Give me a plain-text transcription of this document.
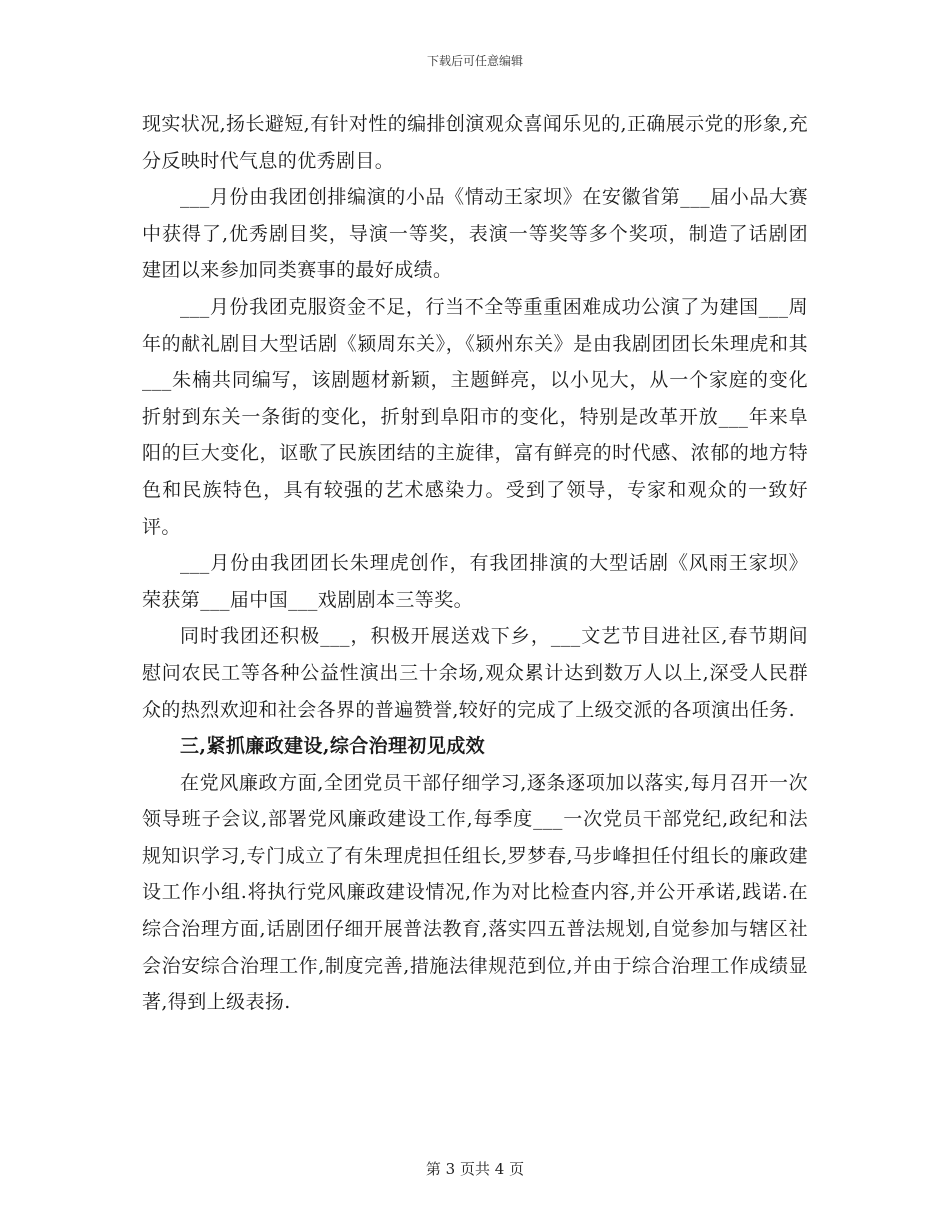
下载后可任意编辑

现实状况,扬长避短,有针对性的编排创演观众喜闻乐见的,正确展示党的形象,充分反映时代气息的优秀剧目。

___月份由我团创排编演的小品《情动王家坝》在安徽省第___届小品大赛中获得了,优秀剧目奖，导演一等奖，表演一等奖等多个奖项，制造了话剧团建团以来参加同类赛事的最好成绩。

___月份我团克服资金不足，行当不全等重重困难成功公演了为建国___周年的献礼剧目大型话剧《颍周东关》，《颍州东关》是由我剧团团长朱理虎和其___朱楠共同编写，该剧题材新颖，主题鲜亮，以小见大，从一个家庭的变化折射到东关一条街的变化，折射到阜阳市的变化，特别是改革开放___年来阜阳的巨大变化，讴歌了民族团结的主旋律，富有鲜亮的时代感、浓郁的地方特色和民族特色，具有较强的艺术感染力。受到了领导，专家和观众的一致好评。

___月份由我团团长朱理虎创作，有我团排演的大型话剧《风雨王家坝》荣获第___届中国___戏剧剧本三等奖。

同时我团还积极___，积极开展送戏下乡，___文艺节目进社区,春节期间慰问农民工等各种公益性演出三十余场,观众累计达到数万人以上,深受人民群众的热烈欢迎和社会各界的普遍赞誉,较好的完成了上级交派的各项演出任务.

三,紧抓廉政建设,综合治理初见成效

在党风廉政方面,全团党员干部仔细学习,逐条逐项加以落实,每月召开一次领导班子会议,部署党风廉政建设工作,每季度___一次党员干部党纪,政纪和法规知识学习,专门成立了有朱理虎担任组长,罗梦春,马步峰担任付组长的廉政建设工作小组.将执行党风廉政建设情况,作为对比检查内容,并公开承诺,践诺.在综合治理方面,话剧团仔细开展普法教育,落实四五普法规划,自觉参加与辖区社会治安综合治理工作,制度完善,措施法律规范到位,并由于综合治理工作成绩显著,得到上级表扬.

第 3 页共 4 页
